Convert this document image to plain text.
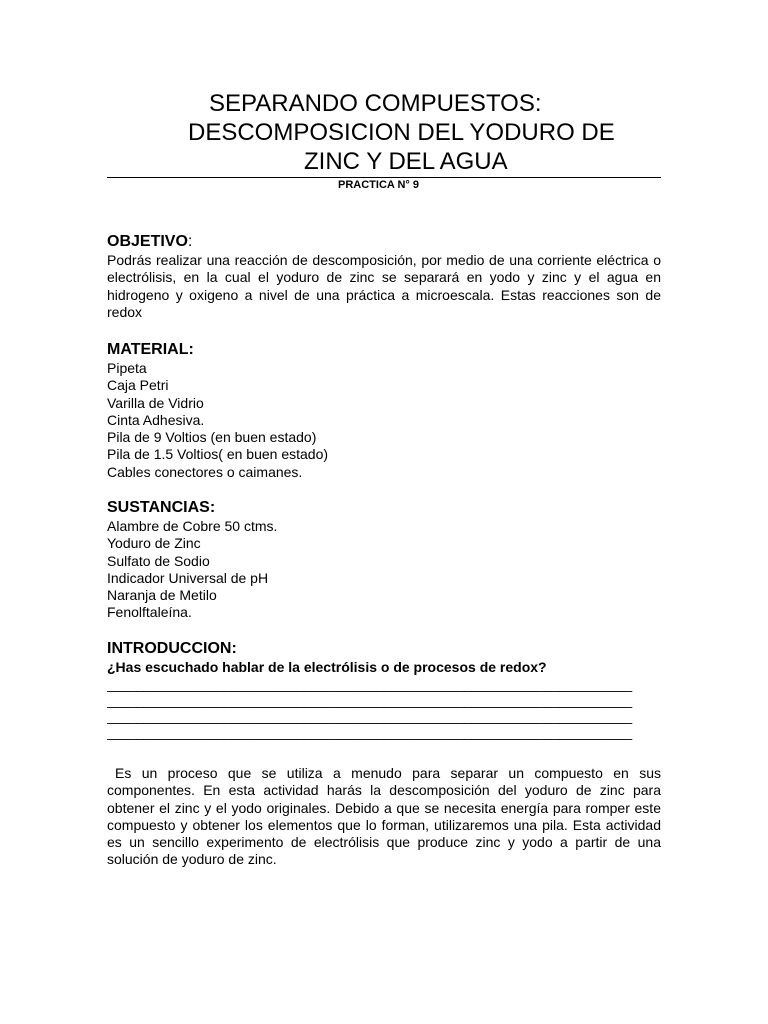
SEPARANDO COMPUESTOS:
DESCOMPOSICION DEL YODURO DE
ZINC Y DEL AGUA
PRACTICA N° 9

OBJETIVO:

Podrás realizar una reacción de descomposición, por medio de una corriente eléctrica o electrólisis, en la cual el yoduro de zinc se separará en yodo y zinc y el agua en hidrogeno y oxigeno a nivel de una práctica a microescala. Estas reacciones son de redox

MATERIAL:

Pipeta
Caja Petri
Varilla de Vidrio
Cinta Adhesiva.
Pila de 9 Voltios (en buen estado)
Pila de 1.5 Voltios( en buen estado)
Cables conectores o caimanes.

SUSTANCIAS:

Alambre de Cobre 50 ctms.
Yoduro de Zinc
Sulfato de Sodio
Indicador Universal de pH
Naranja de Metilo
Fenolftaleína.

INTRODUCCION:

¿Has escuchado hablar de la electrólisis o de procesos de redox?
________________________________________________________________________
________________________________________________________________________
________________________________________________________________________
________________________________________________________________________

Es un proceso que se utiliza a menudo para separar un compuesto en sus componentes. En esta actividad harás la descomposición del yoduro de zinc para obtener el zinc y el yodo originales. Debido a que se necesita energía para romper este compuesto y obtener los elementos que lo forman, utilizaremos una pila. Esta actividad es un sencillo experimento de electrólisis que produce zinc y yodo a partir de una solución de yoduro de zinc.
